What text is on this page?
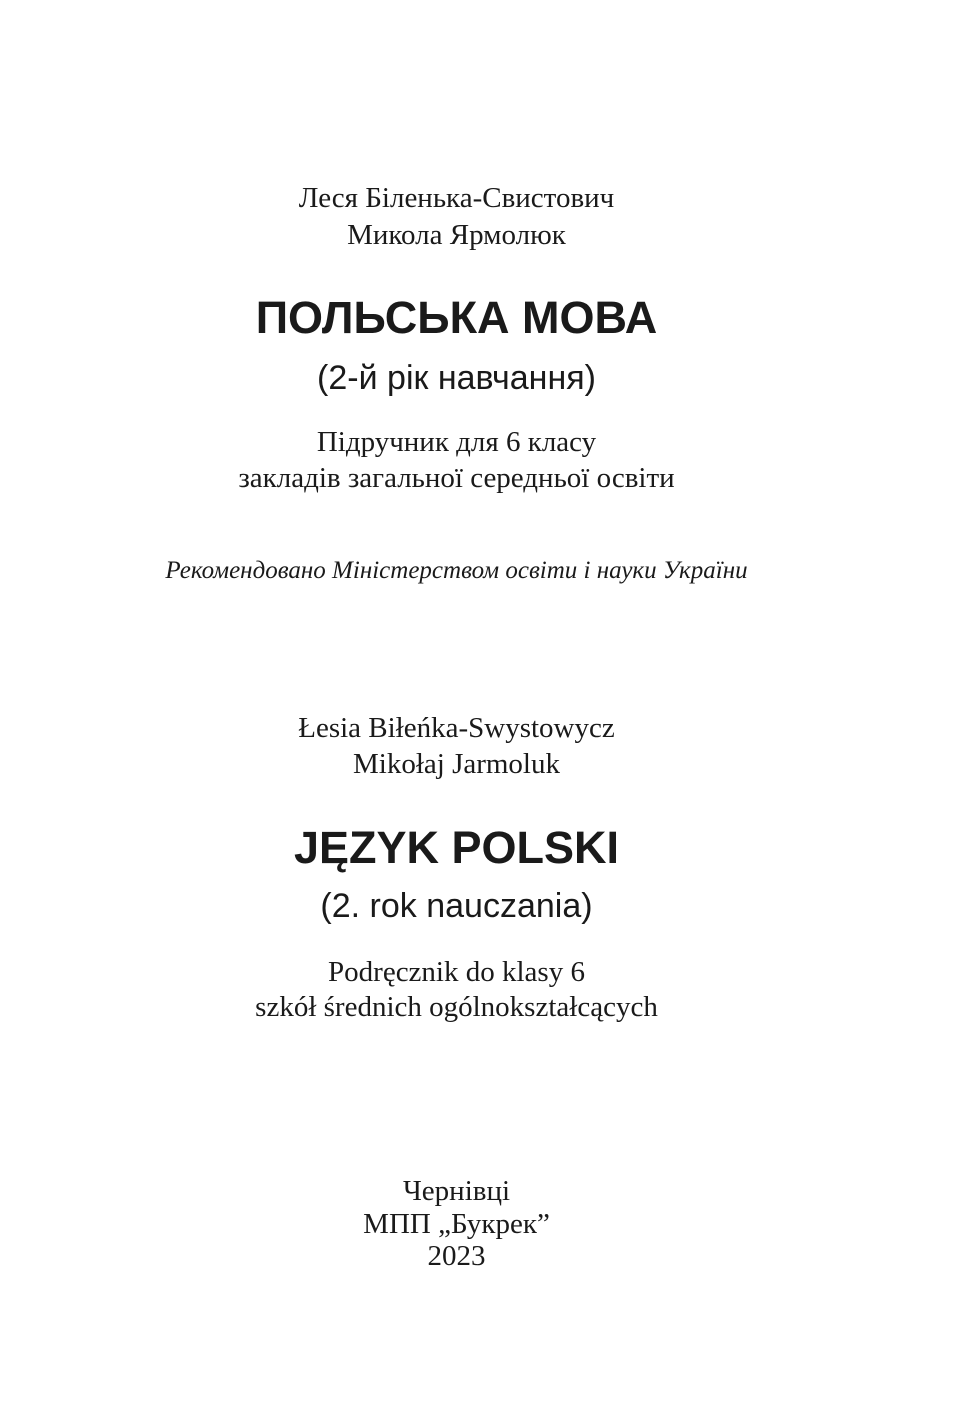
Леся Біленька-Свистович
Микола Ярмолюк
ПОЛЬСЬКА МОВА
(2-й рік навчання)
Підручник для 6 класу
закладів загальної середньої освіти
Рекомендовано Міністерством освіти і науки України
Łesia Biłeńka-Swystowycz
Mikołaj Jarmoluk
JĘZYK POLSKI
(2. rok nauczania)
Podręcznik do klasy 6
szkół średnich ogólnokształcących
Чернівці
МПП „Букрек”
2023
